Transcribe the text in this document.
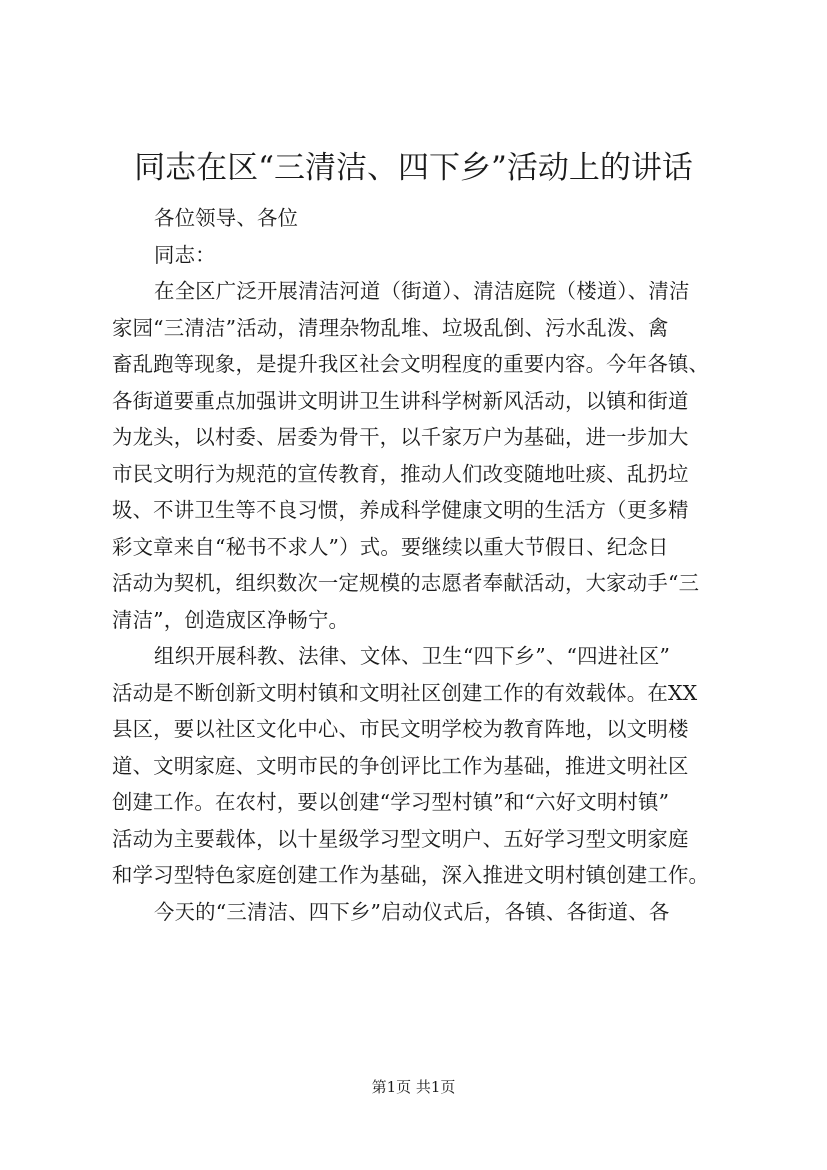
同志在区“三清洁、四下乡”活动上的讲话
各位领导、各位
同志：
在全区广泛开展清洁河道（街道）、清洁庭院（楼道）、清洁
家园“三清洁”活动，清理杂物乱堆、垃圾乱倒、污水乱泼、禽
畜乱跑等现象，是提升我区社会文明程度的重要内容。今年各镇、
各街道要重点加强讲文明讲卫生讲科学树新风活动，以镇和街道
为龙头，以村委、居委为骨干，以千家万户为基础，进一步加大
市民文明行为规范的宣传教育，推动人们改变随地吐痰、乱扔垃
圾、不讲卫生等不良习惯，养成科学健康文明的生活方（更多精
彩文章来自“秘书不求人”）式。要继续以重大节假日、纪念日
活动为契机，组织数次一定规模的志愿者奉献活动，大家动手“三
清洁”，创造宬区净畅宁。
组织开展科教、法律、文体、卫生“四下乡”、“四进社区”
活动是不断创新文明村镇和文明社区创建工作的有效载体。在XX
县区，要以社区文化中心、市民文明学校为教育阵地，以文明楼
道、文明家庭、文明市民的争创评比工作为基础，推进文明社区
创建工作。在农村，要以创建“学习型村镇”和“六好文明村镇”
活动为主要载体，以十星级学习型文明户、五好学习型文明家庭
和学习型特色家庭创建工作为基础，深入推进文明村镇创建工作。
今天的“三清洁、四下乡”启动仪式后，各镇、各街道、各
第1页 共1页
